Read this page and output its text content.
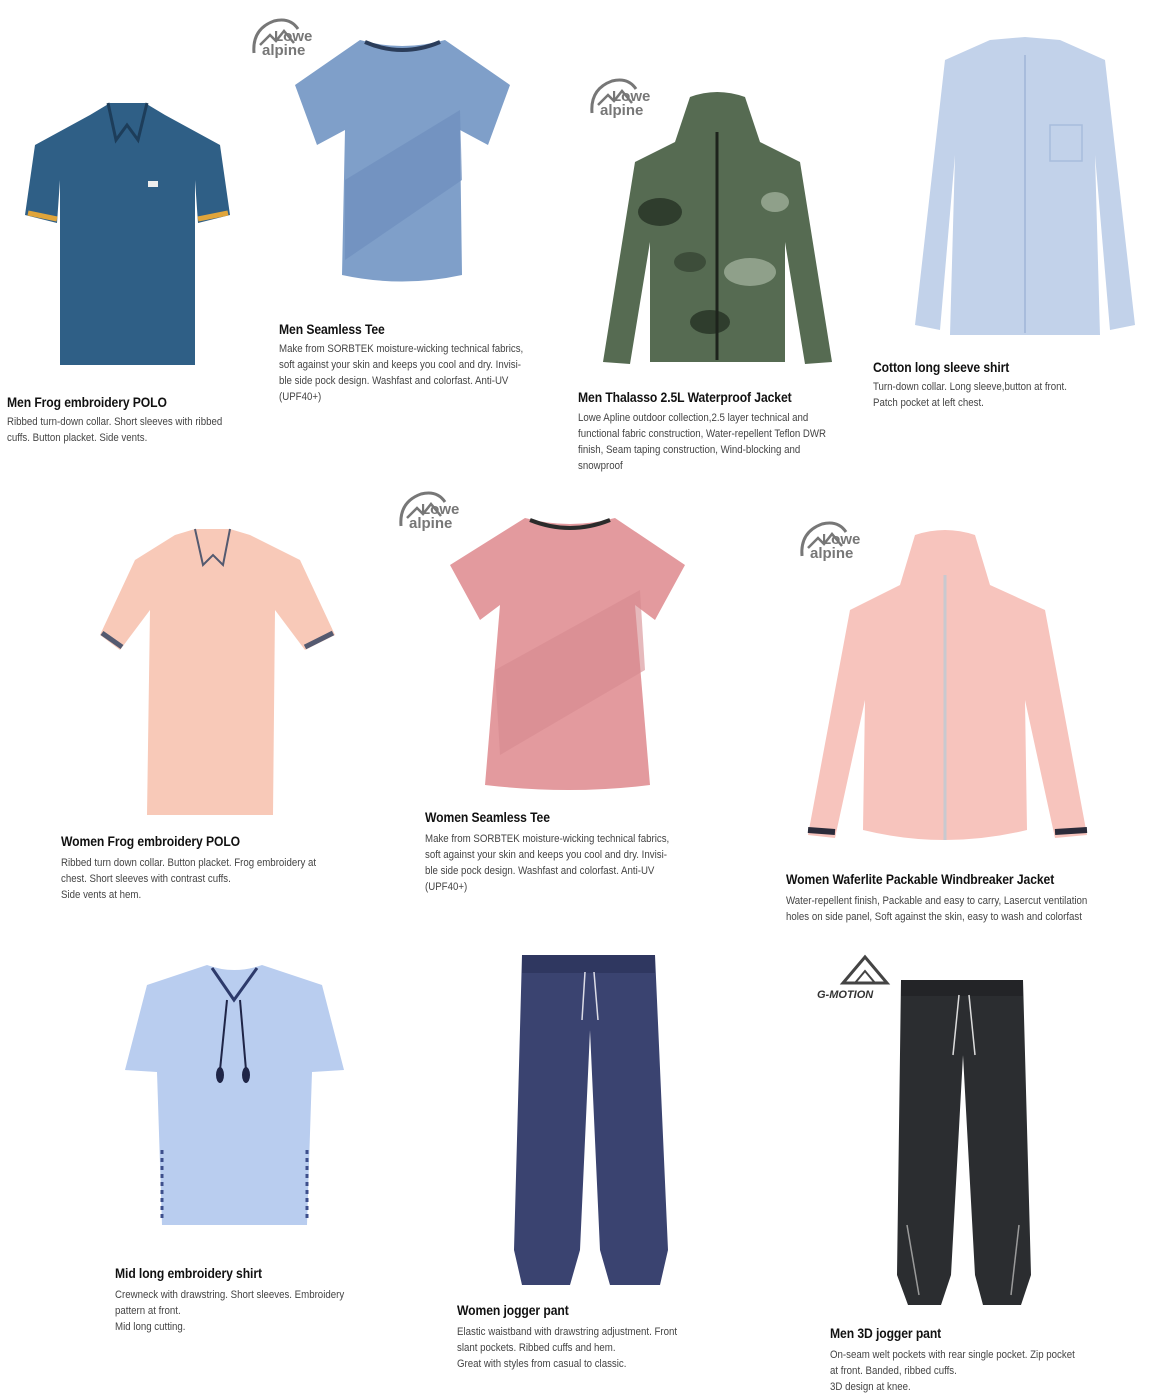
Men Frog embroidery POLO
Ribbed turn-down collar. Short sleeves with ribbed
cuffs. Button placket. Side vents.
Lowe
alpine
Men Seamless Tee
Make from SORBTEK moisture-wicking technical fabrics,
soft against your skin and keeps you cool and dry. Invisi-
ble side pock design. Washfast and colorfast. Anti-UV
(UPF40+)
Lowe
alpine
Men Thalasso 2.5L Waterproof Jacket
Lowe Apline outdoor collection,2.5 layer technical and
functional fabric construction, Water-repellent Teflon DWR
finish, Seam taping construction, Wind-blocking and
snowproof
Cotton long sleeve shirt
Turn-down collar. Long sleeve,button at front.
Patch pocket at left chest.
Women Frog embroidery POLO
Ribbed turn down collar. Button placket. Frog embroidery at
chest. Short sleeves with contrast cuffs.
Side vents at hem.
Lowe
alpine
Women Seamless Tee
Make from SORBTEK moisture-wicking technical fabrics,
soft against your skin and keeps you cool and dry. Invisi-
ble side pock design. Washfast and colorfast. Anti-UV
(UPF40+)
Lowe
alpine
Women Waferlite Packable Windbreaker Jacket
Water-repellent finish, Packable and easy to carry, Lasercut ventilation
holes on side panel, Soft against the skin, easy to wash and colorfast
Mid long embroidery shirt
Crewneck with drawstring. Short sleeves. Embroidery
pattern at front.
Mid long cutting.
Women jogger pant
Elastic waistband with drawstring adjustment. Front
slant pockets. Ribbed cuffs and hem.
Great with styles from casual to classic.
G-MOTION
Men 3D jogger pant
On-seam welt pockets with rear single pocket. Zip pocket
at front. Banded, ribbed cuffs.
3D design at knee.
